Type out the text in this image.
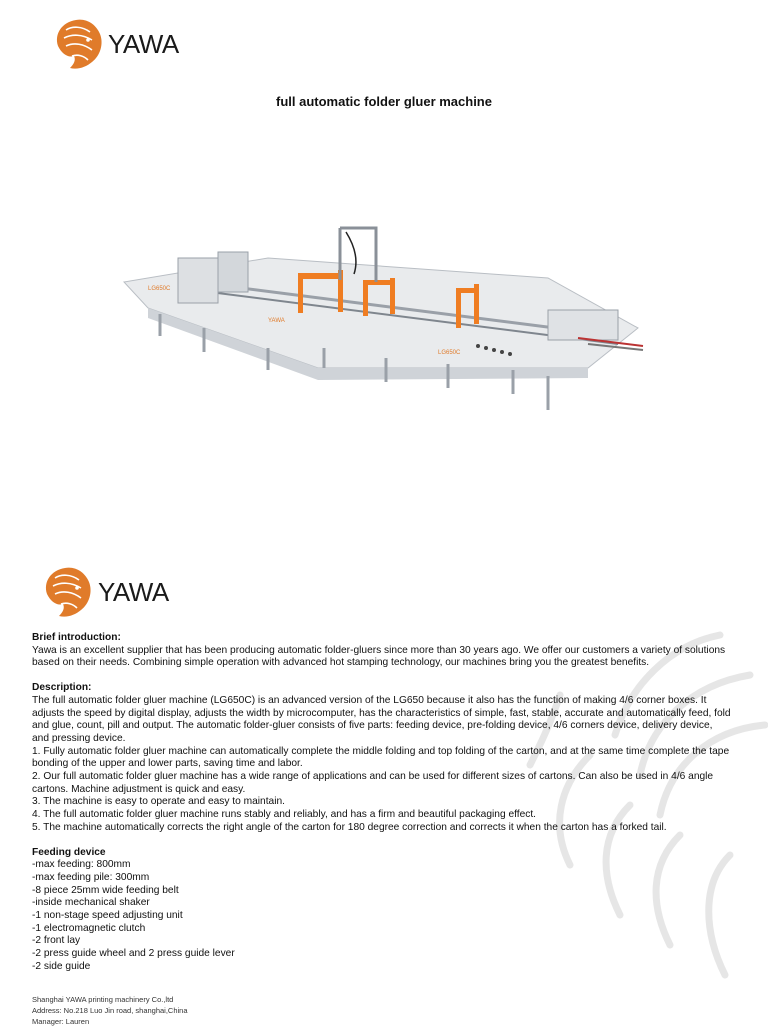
YAWA
full automatic folder gluer machine
LG650C
LG650C
YAWA
YAWA

Brief introduction:

Yawa is an excellent supplier that has been producing automatic folder-gluers since more than 30 years ago. We offer our customers a variety of solutions based on their needs. Combining simple operation with advanced hot stamping technology, our machines bring you the greatest benefits.

Description:

The full automatic folder gluer machine (LG650C) is an advanced version of the LG650 because it also has the function of making 4/6 corner boxes. It adjusts the speed by digital display, adjusts the width by microcomputer, has the characteristics of simple, fast, stable, accurate and automatically feed, fold and glue, count, pill and output. The automatic folder-gluer consists of five parts: feeding device, pre-folding device, 4/6 corners device, delivery device, and pressing device.

1. Fully automatic folder gluer machine can automatically complete the middle folding and top folding of the carton, and at the same time complete the tape bonding of the upper and lower parts, saving time and labor.

2. Our full automatic folder gluer machine has a wide range of applications and can be used for different sizes of cartons. Can also be used in 4/6 angle cartons. Machine adjustment is quick and easy.

3. The machine is easy to operate and easy to maintain.

4. The full automatic folder gluer machine runs stably and reliably, and has a firm and beautiful packaging effect.

5. The machine automatically corrects the right angle of the carton for 180 degree correction and corrects it when the carton has a forked tail.

Feeding device

-max feeding: 800mm

-max feeding pile: 300mm

-8 piece 25mm wide feeding belt

-inside mechanical shaker

-1 non-stage speed adjusting unit

-1 electromagnetic clutch

-2 front lay

-2 press guide wheel and 2 press guide lever

-2 side guide

Shanghai YAWA printing machinery Co.,ltd
Address: No.218 Luo Jin road, shanghai,China
Manager: Lauren
